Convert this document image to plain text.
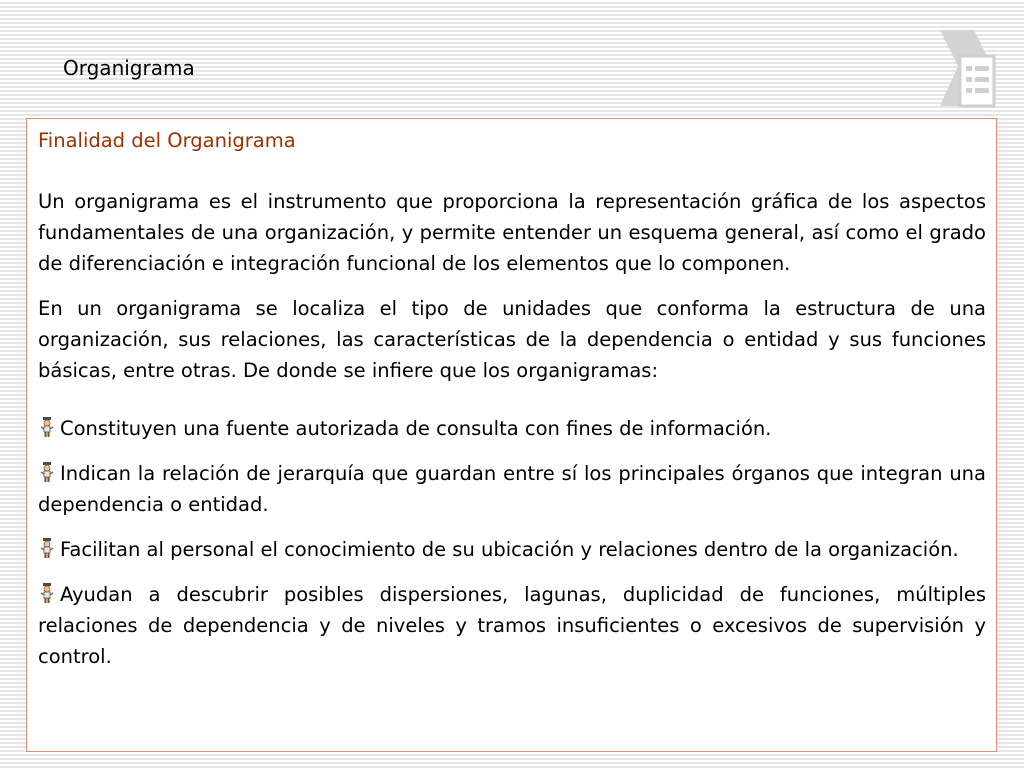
Organigrama
Finalidad del Organigrama

Un organigrama es el instrumento que proporciona la representación gráfica de los aspectos fundamentales de una organización, y permite entender un esquema general, así como el grado de diferenciación e integración funcional de los elementos que lo componen.

En un organigrama se localiza el tipo de unidades que conforma la estructura de una organización, sus relaciones, las características de la dependencia o entidad y sus funciones básicas, entre otras. De donde se infiere que los organigramas:

Constituyen una fuente autorizada de consulta con fines de información.

Indican la relación de jerarquía que guardan entre sí los principales órganos que integran una dependencia o entidad.

Facilitan al personal el conocimiento de su ubicación y relaciones dentro de la organización.

Ayudan a descubrir posibles dispersiones, lagunas, duplicidad de funciones, múltiples relaciones de dependencia y de niveles y tramos insuficientes o excesivos de supervisión y control.
